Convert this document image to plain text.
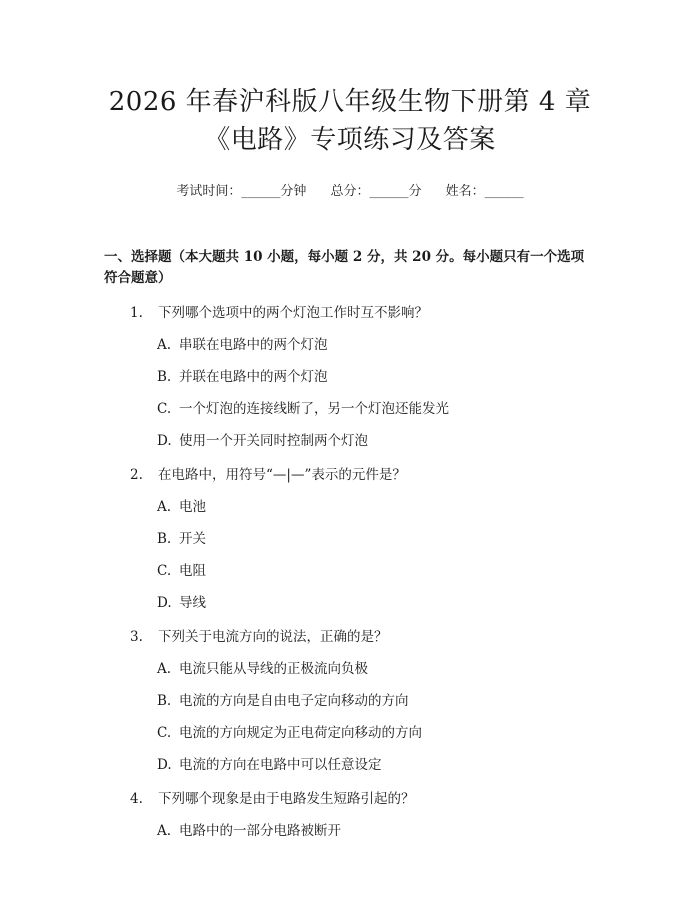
2026 年春沪科版八年级生物下册第 4 章《电路》专项练习及答案
考试时间：______分钟 总分：______分 姓名：______
一、选择题（本大题共 10 小题，每小题 2 分，共 20 分。每小题只有一个选项符合题意）
1.	下列哪个选项中的两个灯泡工作时互不影响？
A. 串联在电路中的两个灯泡
B. 并联在电路中的两个灯泡
C. 一个灯泡的连接线断了，另一个灯泡还能发光
D. 使用一个开关同时控制两个灯泡
2.	在电路中，用符号“—|—”表示的元件是？
A. 电池
B. 开关
C. 电阻
D. 导线
3.	下列关于电流方向的说法，正确的是？
A. 电流只能从导线的正极流向负极
B. 电流的方向是自由电子定向移动的方向
C. 电流的方向规定为正电荷定向移动的方向
D. 电流的方向在电路中可以任意设定
4.	下列哪个现象是由于电路发生短路引起的？
A. 电路中的一部分电路被断开
